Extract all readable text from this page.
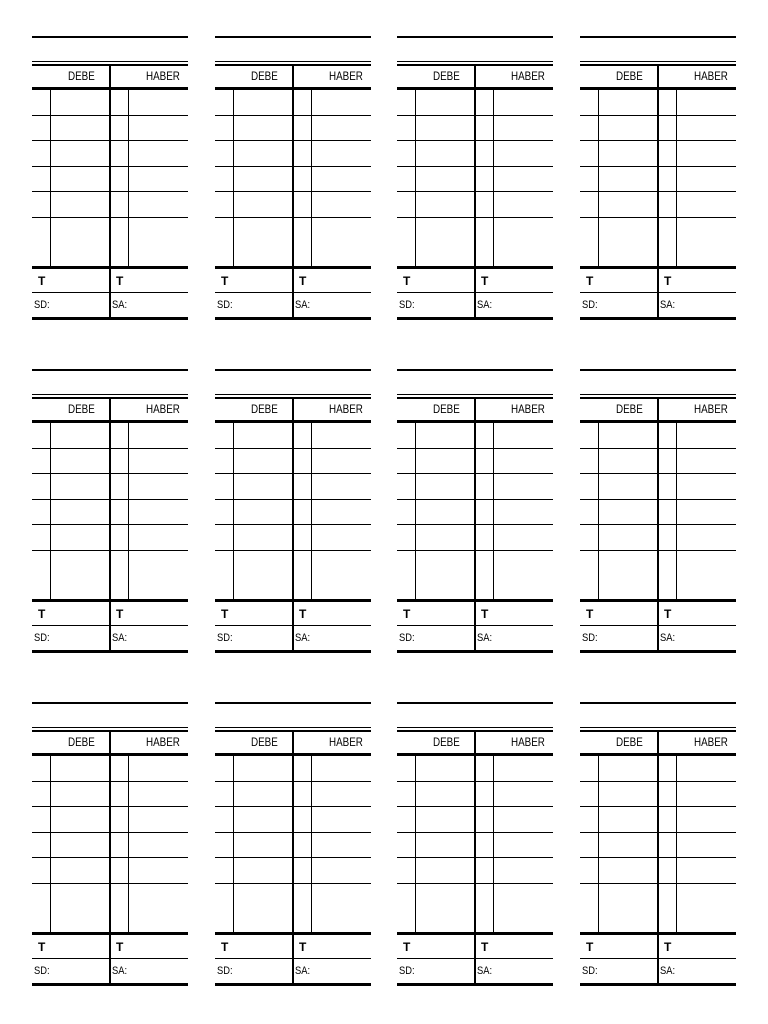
DEBE	HABER
T	T
SD:	SA:
DEBE	HABER
T	T
SD:	SA:
DEBE	HABER
T	T
SD:	SA:
DEBE	HABER
T	T
SD:	SA:
DEBE	HABER
T	T
SD:	SA:
DEBE	HABER
T	T
SD:	SA:
DEBE	HABER
T	T
SD:	SA:
DEBE	HABER
T	T
SD:	SA:
DEBE	HABER
T	T
SD:	SA:
DEBE	HABER
T	T
SD:	SA:
DEBE	HABER
T	T
SD:	SA:
DEBE	HABER
T	T
SD:	SA:
